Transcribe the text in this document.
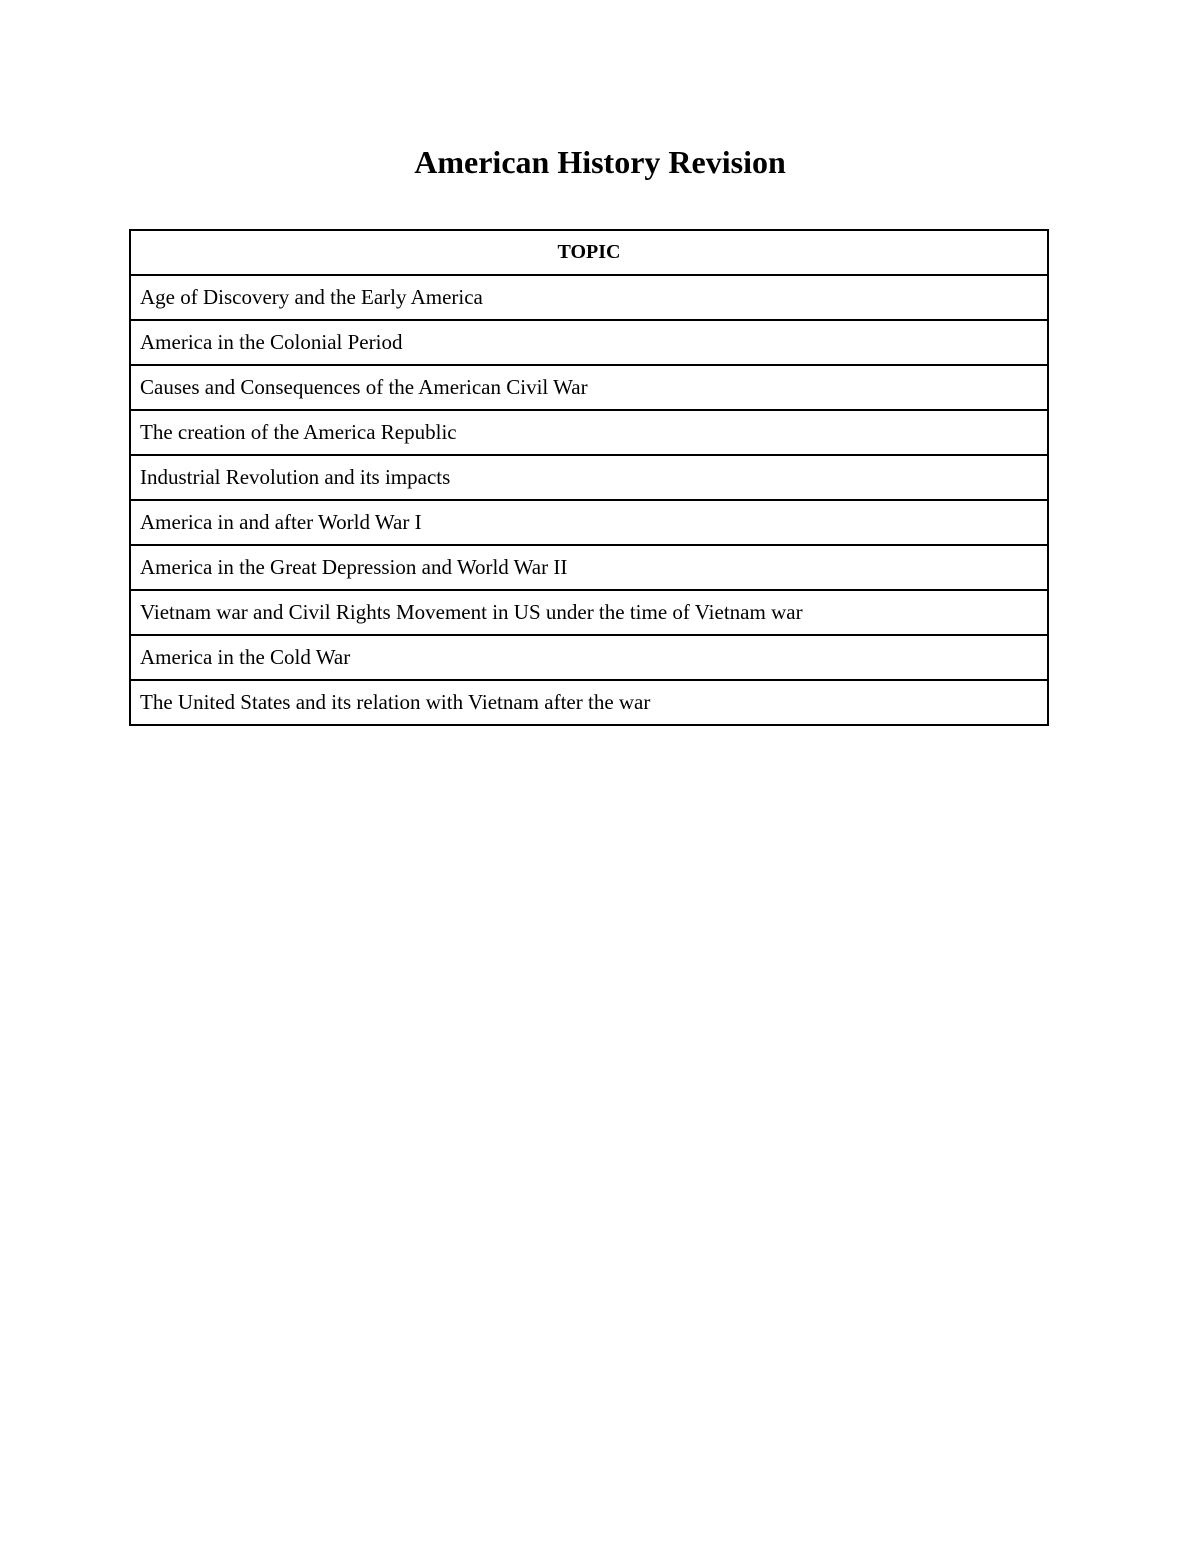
American History Revision
TOPIC
Age of Discovery and the Early America
America in the Colonial Period
Causes and Consequences of the American Civil War
The creation of the America Republic
Industrial Revolution and its impacts
America in and after World War I
America in the Great Depression and World War II
Vietnam war and Civil Rights Movement in US under the time of Vietnam war
America in the Cold War
The United States and its relation with Vietnam after the war
